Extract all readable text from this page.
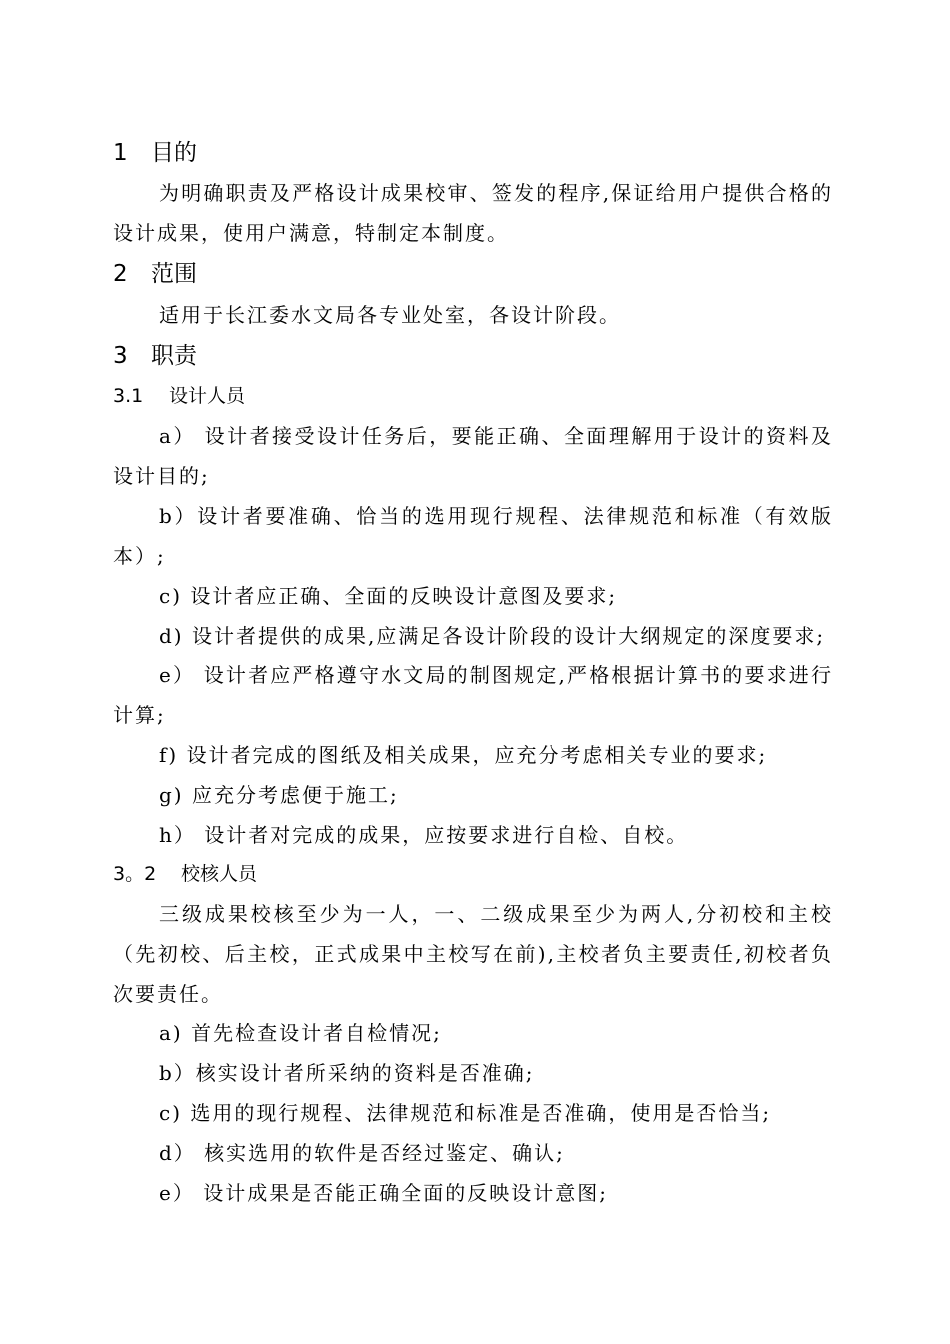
1 目的
为明确职责及严格设计成果校审、签发的程序,保证给用户提供合格的
设计成果，使用户满意，特制定本制度。
2 范围
适用于长江委水文局各专业处室，各设计阶段。
3 职责
3.1 设计人员
a） 设计者接受设计任务后，要能正确、全面理解用于设计的资料及
设计目的;
b）设计者要准确、恰当的选用现行规程、法律规范和标准（有效版
本）;
c) 设计者应正确、全面的反映设计意图及要求;
d) 设计者提供的成果,应满足各设计阶段的设计大纲规定的深度要求;
e） 设计者应严格遵守水文局的制图规定,严格根据计算书的要求进行
计算;
f) 设计者完成的图纸及相关成果，应充分考虑相关专业的要求;
g) 应充分考虑便于施工;
h） 设计者对完成的成果，应按要求进行自检、自校。
3。2 校核人员
三级成果校核至少为一人，一、二级成果至少为两人,分初校和主校
（先初校、后主校，正式成果中主校写在前),主校者负主要责任,初校者负
次要责任。
a) 首先检查设计者自检情况;
b）核实设计者所采纳的资料是否准确;
c) 选用的现行规程、法律规范和标准是否准确，使用是否恰当;
d） 核实选用的软件是否经过鉴定、确认;
e） 设计成果是否能正确全面的反映设计意图;
